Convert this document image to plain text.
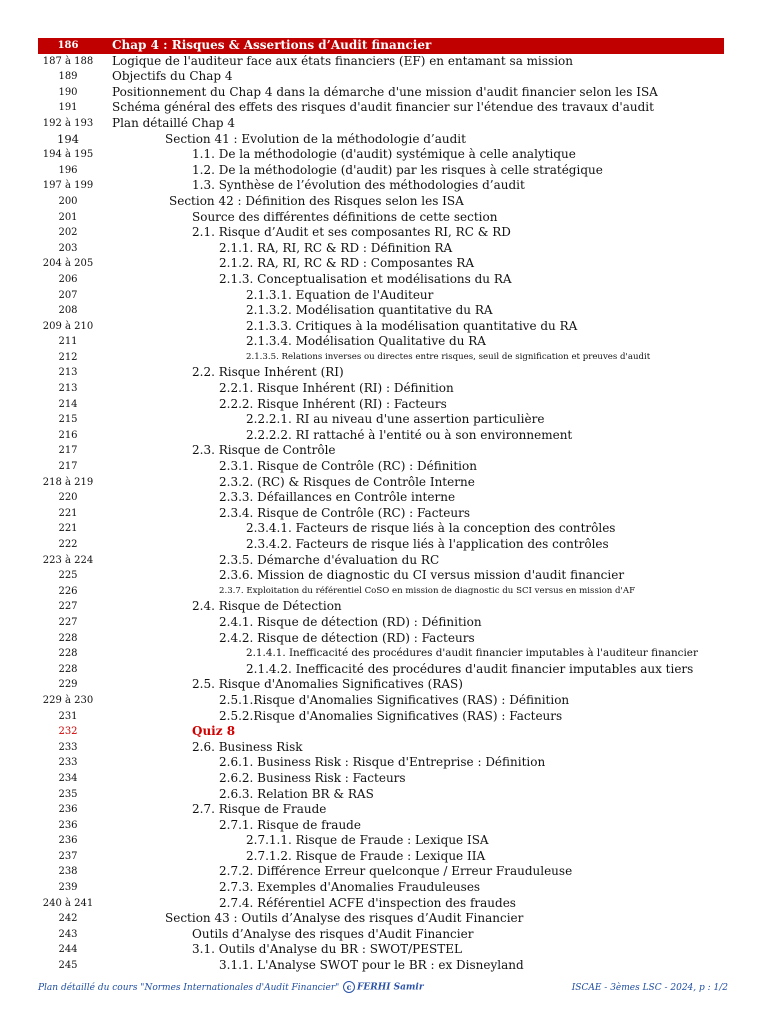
186	Chap 4 : Risques & Assertions d’Audit financier
187 à 188	Logique de l'auditeur face aux états financiers (EF) en entamant sa mission
189	Objectifs du Chap 4
190	Positionnement du Chap 4 dans la démarche d'une mission d'audit financier selon les ISA
191	Schéma général des effets des risques d'audit financier sur l'étendue des travaux d'audit
192 à 193	Plan détaillé Chap 4
194	Section 41 : Evolution de la méthodologie d’audit
194 à 195	1.1. De la méthodologie (d'audit) systémique à celle analytique
196	1.2. De la méthodologie (d'audit) par les risques à celle stratégique
197 à 199	1.3. Synthèse de l’évolution des méthodologies d’audit
200	Section 42 : Définition des Risques selon les ISA
201	Source des différentes définitions de cette section
202	2.1. Risque d’Audit et ses composantes RI, RC & RD
203	2.1.1. RA, RI, RC & RD : Définition RA
204 à 205	2.1.2. RA, RI, RC & RD : Composantes RA
206	2.1.3. Conceptualisation et modélisations du RA
207	2.1.3.1. Equation de l'Auditeur
208	2.1.3.2. Modélisation quantitative du RA
209 à 210	2.1.3.3. Critiques à la modélisation quantitative du RA
211	2.1.3.4. Modélisation Qualitative du RA
212	2.1.3.5. Relations inverses ou directes entre risques, seuil de signification et preuves d'audit
213	2.2. Risque Inhérent (RI)
213	2.2.1. Risque Inhérent (RI) : Définition
214	2.2.2. Risque Inhérent (RI) : Facteurs
215	2.2.2.1. RI au niveau d'une assertion particulière
216	2.2.2.2. RI rattaché à l'entité ou à son environnement
217	2.3. Risque de Contrôle
217	2.3.1. Risque de Contrôle (RC) : Définition
218 à 219	2.3.2. (RC) & Risques de Contrôle Interne
220	2.3.3. Défaillances en Contrôle interne
221	2.3.4. Risque de Contrôle (RC) : Facteurs
221	2.3.4.1. Facteurs de risque liés à la conception des contrôles
222	2.3.4.2. Facteurs de risque liés à l'application des contrôles
223 à 224	2.3.5. Démarche d'évaluation du RC
225	2.3.6. Mission de diagnostic du CI versus mission d'audit financier
226	2.3.7. Exploitation du référentiel CoSO en mission de diagnostic du SCI versus en mission d'AF
227	2.4. Risque de Détection
227	2.4.1. Risque de détection (RD) : Définition
228	2.4.2. Risque de détection (RD) : Facteurs
228	2.1.4.1. Inefficacité des procédures d'audit financier imputables à l'auditeur financier
228	2.1.4.2. Inefficacité des procédures d'audit financier imputables aux tiers
229	2.5. Risque d'Anomalies Significatives (RAS)
229 à 230	2.5.1.Risque d'Anomalies Significatives (RAS) : Définition
231	2.5.2.Risque d'Anomalies Significatives (RAS) : Facteurs
232	Quiz 8
233	2.6. Business Risk
233	2.6.1. Business Risk : Risque d'Entreprise : Définition
234	2.6.2. Business Risk : Facteurs
235	2.6.3. Relation BR & RAS
236	2.7. Risque de Fraude
236	2.7.1. Risque de fraude
236	2.7.1.1. Risque de Fraude : Lexique ISA
237	2.7.1.2. Risque de Fraude : Lexique IIA
238	2.7.2. Différence Erreur quelconque / Erreur Frauduleuse
239	2.7.3. Exemples d'Anomalies Frauduleuses
240 à 241	2.7.4. Référentiel ACFE d'inspection des fraudes
242	Section 43 : Outils d’Analyse des risques d’Audit Financier
243	Outils d’Analyse des risques d'Audit Financier
244	3.1. Outils d'Analyse du BR : SWOT/PESTEL
245	3.1.1. L'Analyse SWOT pour le BR : ex Disneyland
Plan détaillé du cours "Normes Internationales d'Audit Financier" c FERHI Samir	ISCAE - 3èmes LSC - 2024, p : 1/2
